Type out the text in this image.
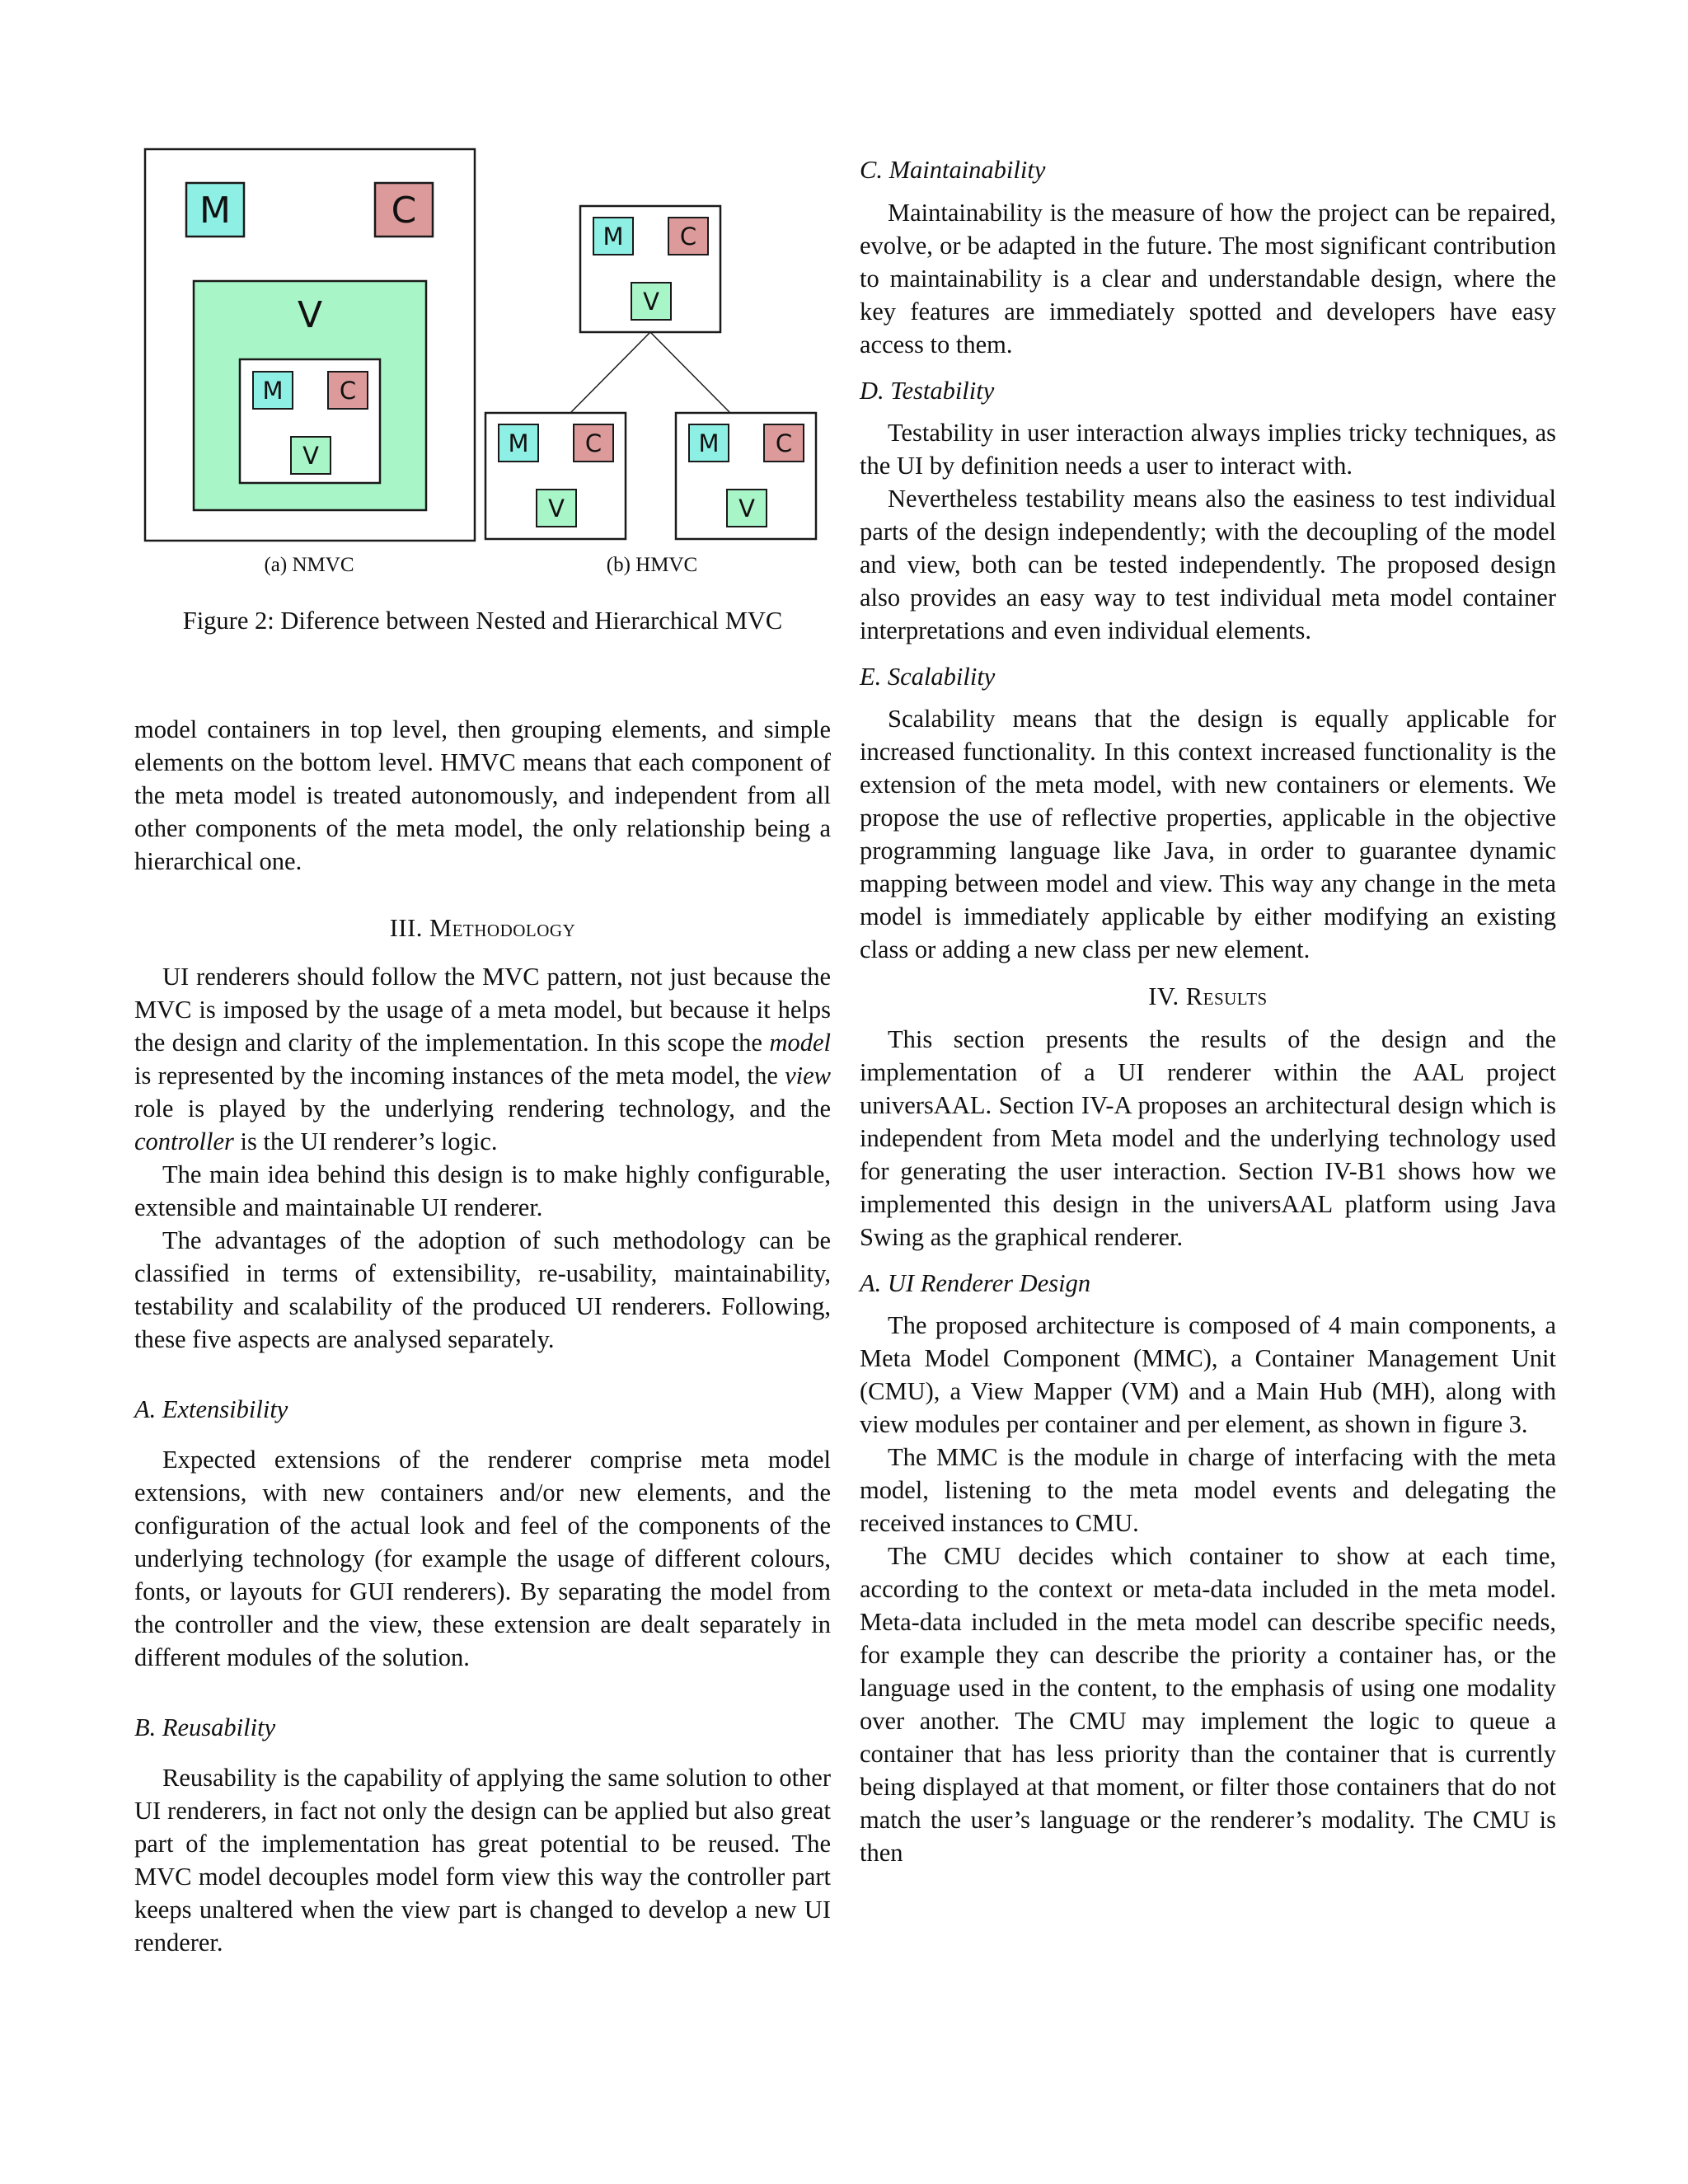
M	C
V
M C
V
M C
V
M C
V
M C
V
(a) NMVC	(b) HMVC
Figure 2: Diference between Nested and Hierarchical MVC

model containers in top level, then grouping elements, and simple elements on the bottom level. HMVC means that each component of the meta model is treated autonomously, and independent from all other components of the meta model, the only relationship being a hierarchical one.

III. Methodology

UI renderers should follow the MVC pattern, not just because the MVC is imposed by the usage of a meta model, but because it helps the design and clarity of the implementation. In this scope the model is represented by the incoming instances of the meta model, the view role is played by the underlying rendering technology, and the controller is the UI renderer’s logic.

The main idea behind this design is to make highly configurable, extensible and maintainable UI renderer.

The advantages of the adoption of such methodology can be classified in terms of extensibility, re-usability, maintainability, testability and scalability of the produced UI renderers. Following, these five aspects are analysed separately.

A. Extensibility

Expected extensions of the renderer comprise meta model extensions, with new containers and/or new elements, and the configuration of the actual look and feel of the components of the underlying technology (for example the usage of different colours, fonts, or layouts for GUI renderers). By separating the model from the controller and the view, these extension are dealt separately in different modules of the solution.

B. Reusability

Reusability is the capability of applying the same solution to other UI renderers, in fact not only the design can be applied but also great part of the implementation has great potential to be reused. The MVC model decouples model form view this way the controller part keeps unaltered when the view part is changed to develop a new UI renderer.

C. Maintainability

Maintainability is the measure of how the project can be repaired, evolve, or be adapted in the future. The most significant contribution to maintainability is a clear and understandable design, where the key features are immediately spotted and developers have easy access to them.

D. Testability

Testability in user interaction always implies tricky techniques, as the UI by definition needs a user to interact with.

Nevertheless testability means also the easiness to test individual parts of the design independently; with the decoupling of the model and view, both can be tested independently. The proposed design also provides an easy way to test individual meta model container interpretations and even individual elements.

E. Scalability

Scalability means that the design is equally applicable for increased functionality. In this context increased functionality is the extension of the meta model, with new containers or elements. We propose the use of reflective properties, applicable in the objective programming language like Java, in order to guarantee dynamic mapping between model and view. This way any change in the meta model is immediately applicable by either modifying an existing class or adding a new class per new element.

IV. Results

This section presents the results of the design and the implementation of a UI renderer within the AAL project universAAL. Section IV-A proposes an architectural design which is independent from Meta model and the underlying technology used for generating the user interaction. Section IV-B1 shows how we implemented this design in the universAAL platform using Java Swing as the graphical renderer.

A. UI Renderer Design

The proposed architecture is composed of 4 main components, a Meta Model Component (MMC), a Container Management Unit (CMU), a View Mapper (VM) and a Main Hub (MH), along with view modules per container and per element, as shown in figure 3.

The MMC is the module in charge of interfacing with the meta model, listening to the meta model events and delegating the received instances to CMU.

The CMU decides which container to show at each time, according to the context or meta-data included in the meta model. Meta-data included in the meta model can describe specific needs, for example they can describe the priority a container has, or the language used in the content, to the emphasis of using one modality over another. The CMU may implement the logic to queue a container that has less priority than the container that is currently being displayed at that moment, or filter those containers that do not match the user’s language or the renderer’s modality. The CMU is then
